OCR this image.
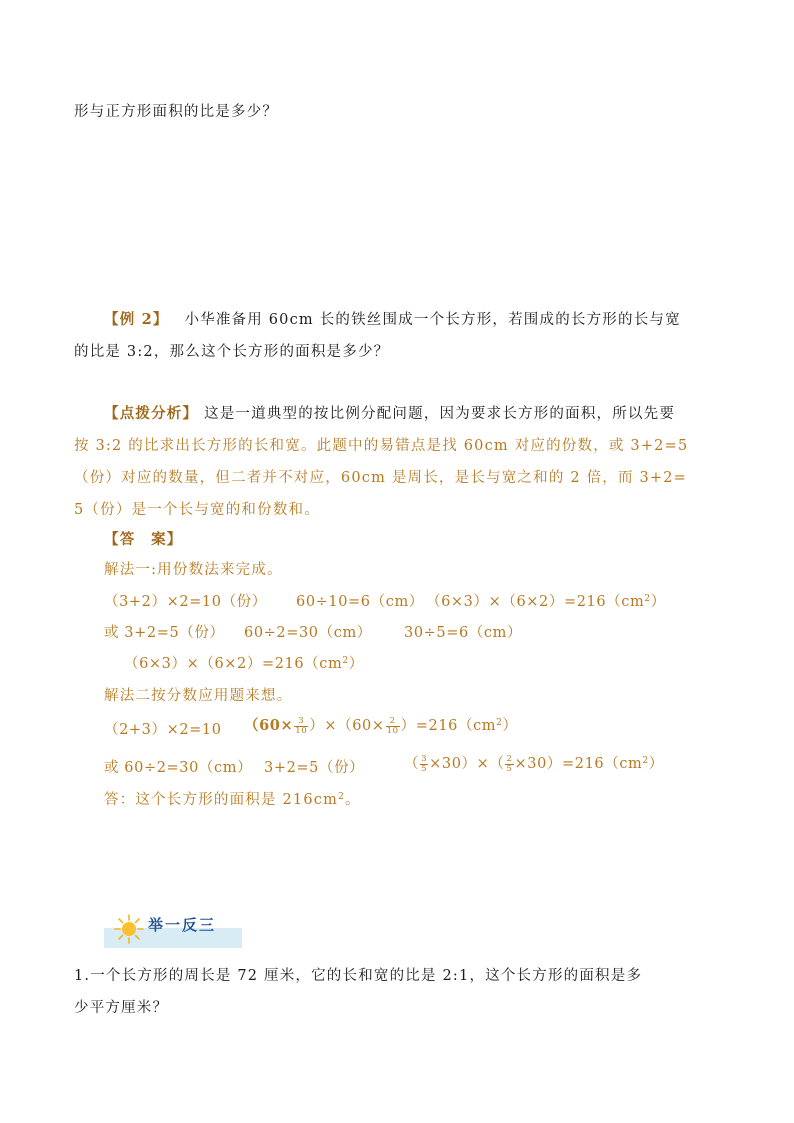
形与正方形面积的比是多少？
【例 2】 小华准备用 60cm 长的铁丝围成一个长方形，若围成的长方形的长与宽
的比是 3:2，那么这个长方形的面积是多少？
【点拨分析】 这是一道典型的按比例分配问题，因为要求长方形的面积，所以先要
按 3:2 的比求出长方形的长和宽。此题中的易错点是找 60cm 对应的份数，或 3+2=5
（份）对应的数量，但二者并不对应，60cm 是周长，是长与宽之和的 2 倍，而 3+2=
5（份）是一个长与宽的和份数和。
【答　案】
解法一:用份数法来完成。
（3+2）×2=10（份） 60÷10=6（cm） $(6\times 3)\times(6\times 2)=216(cm^2)$
或 3+2=5（份） 60÷2=30（cm） 30÷5=6（cm）
$(6\times 3)\times(6\times 2)=216(cm^2)$
解法二按分数应用题来想。
（2+3）×2=10 $(60\times \frac{3}{10} )\times(60\times \frac{2}{10} )=216(cm^2)$
或 60÷2=30（cm） 3+2=5（份）	（ $\frac{3}{5} \times 30)\times( \frac{2}{5} \times 30)=216(cm^2)$
答：这个长方形的面积是 $216cm^2$。
举一反三
1.一个长方形的周长是 72 厘米，它的长和宽的比是 2:1，这个长方形的面积是多
少平方厘米？
